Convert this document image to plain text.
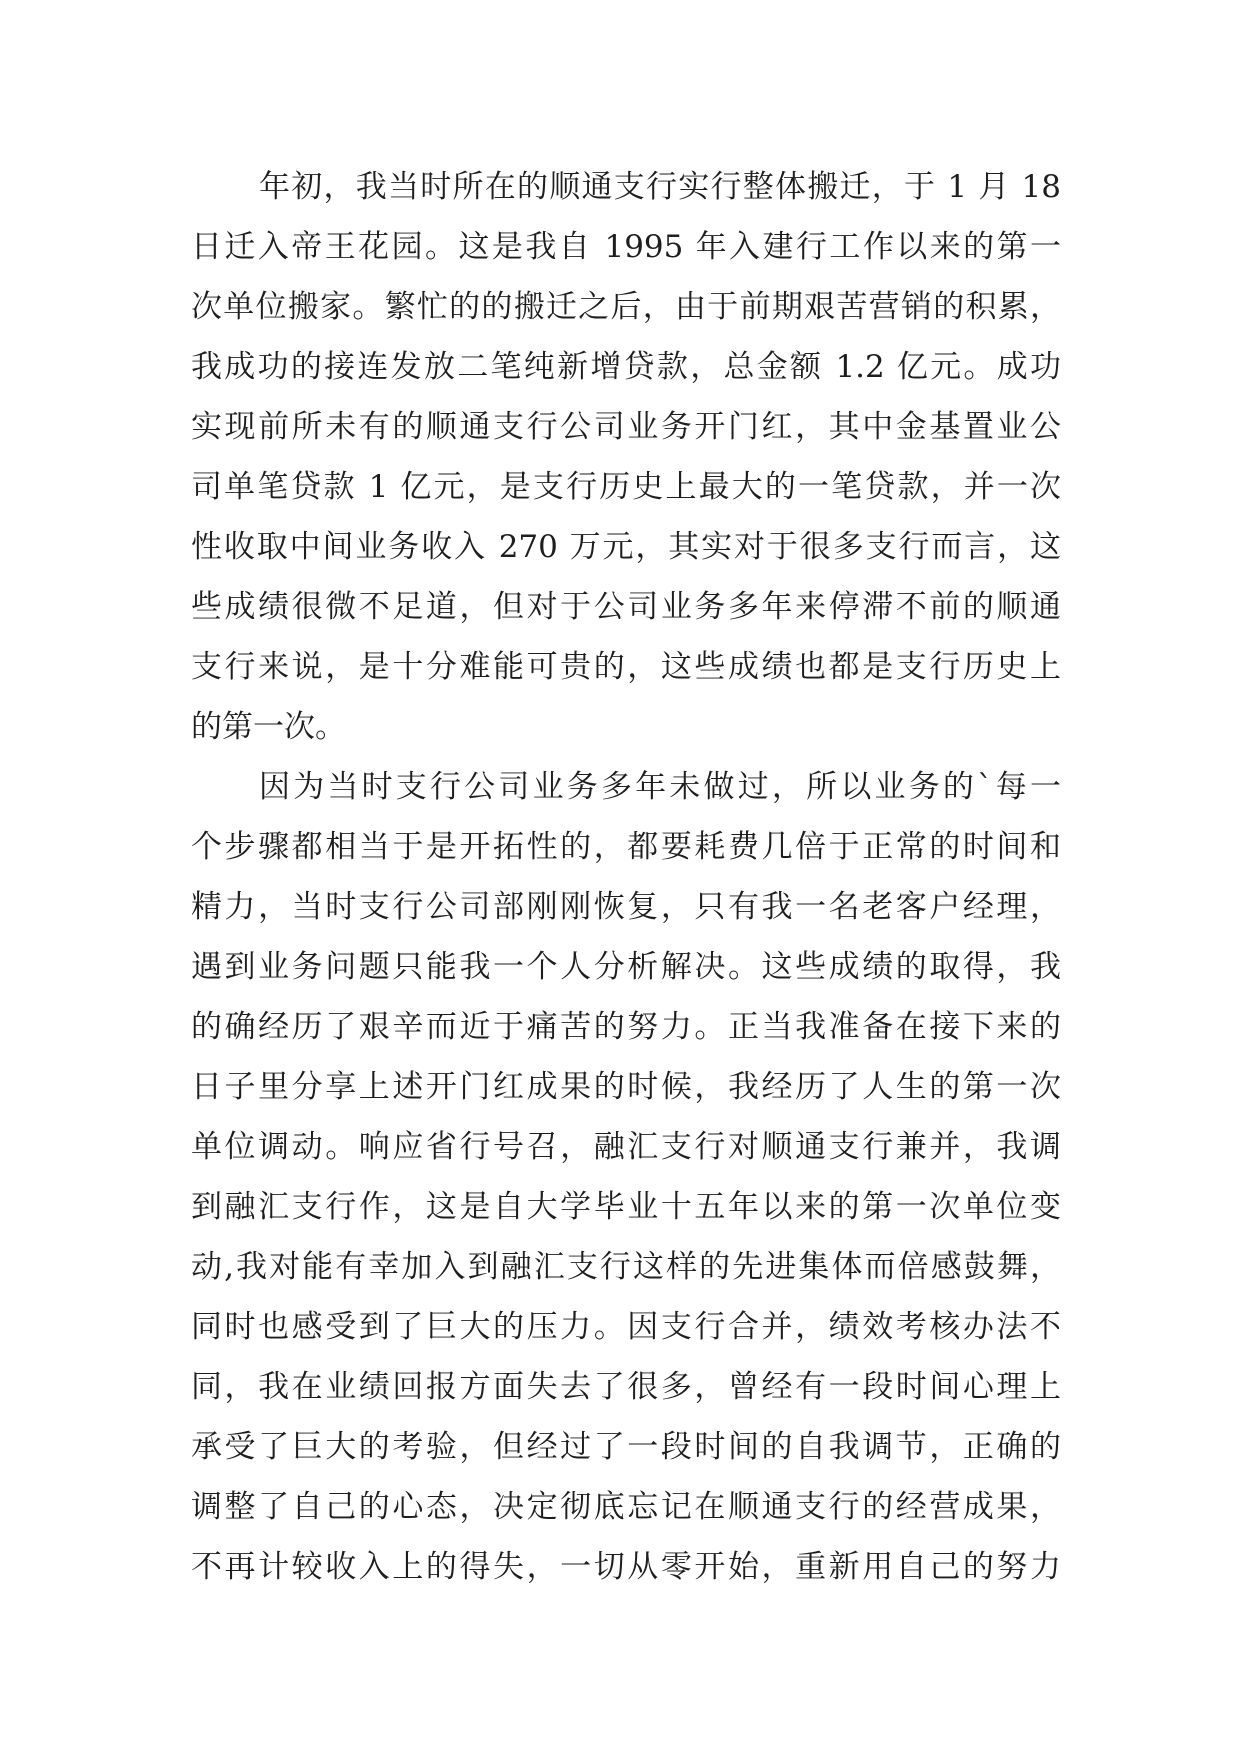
年初，我当时所在的顺通支行实行整体搬迁，于 1 月 18
日迁入帝王花园。这是我自 1995 年入建行工作以来的第一
次单位搬家。繁忙的的搬迁之后，由于前期艰苦营销的积累，
我成功的接连发放二笔纯新增贷款，总金额 1.2 亿元。成功
实现前所未有的顺通支行公司业务开门红，其中金基置业公
司单笔贷款 1 亿元，是支行历史上最大的一笔贷款，并一次
性收取中间业务收入 270 万元，其实对于很多支行而言，这
些成绩很微不足道，但对于公司业务多年来停滞不前的顺通
支行来说，是十分难能可贵的，这些成绩也都是支行历史上
的第一次。
因为当时支行公司业务多年未做过，所以业务的`每一
个步骤都相当于是开拓性的，都要耗费几倍于正常的时间和
精力，当时支行公司部刚刚恢复，只有我一名老客户经理，
遇到业务问题只能我一个人分析解决。这些成绩的取得，我
的确经历了艰辛而近于痛苦的努力。正当我准备在接下来的
日子里分享上述开门红成果的时候，我经历了人生的第一次
单位调动。响应省行号召，融汇支行对顺通支行兼并，我调
到融汇支行作，这是自大学毕业十五年以来的第一次单位变
动,我对能有幸加入到融汇支行这样的先进集体而倍感鼓舞，
同时也感受到了巨大的压力。因支行合并，绩效考核办法不
同，我在业绩回报方面失去了很多，曾经有一段时间心理上
承受了巨大的考验，但经过了一段时间的自我调节，正确的
调整了自己的心态，决定彻底忘记在顺通支行的经营成果，
不再计较收入上的得失，一切从零开始，重新用自己的努力
